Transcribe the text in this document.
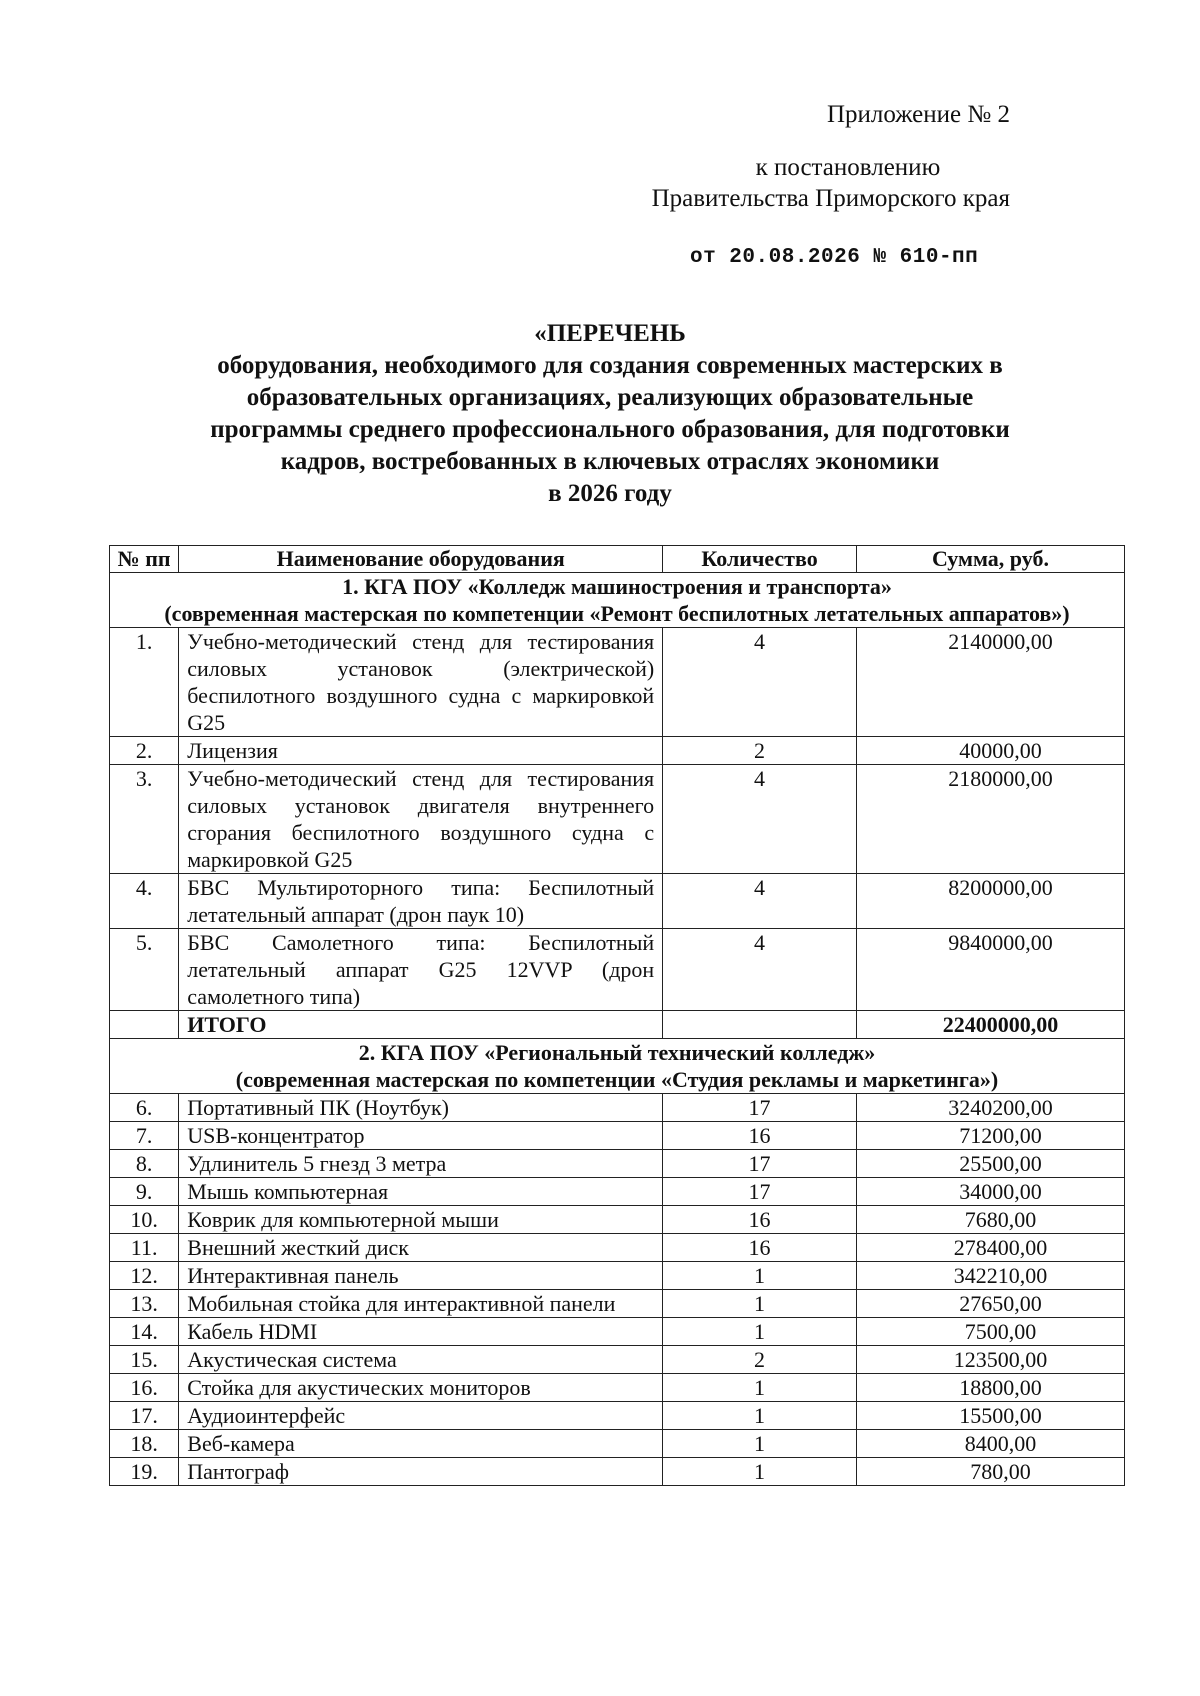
Приложение № 2
к постановлению
Правительства Приморского края
от 20.08.2026 № 610-пп
«ПЕРЕЧЕНЬ
оборудования, необходимого для создания современных мастерских в
образовательных организациях, реализующих образовательные
программы среднего профессионального образования, для подготовки
кадров, востребованных в ключевых отраслях экономики
в 2026 году
№ пп	Наименование оборудования	Количество	Сумма, руб.

1. КГА ПОУ «Колледж машиностроения и транспорта»
(современная мастерская по компетенции «Ремонт беспилотных летательных аппаратов»)			

1.	Учебно-методический стенд для тестирования силовых установок (электрической) беспилотного воздушного судна с маркировкой G25	4	2140000,00
2.	Лицензия	2	40000,00
3.	Учебно-методический стенд для тестирования силовых установок двигателя внутреннего сгорания беспилотного воздушного судна с маркировкой G25	4	2180000,00
4.	БВС Мультироторного типа: Беспилотный летательный аппарат (дрон паук 10)	4	8200000,00
5.	БВС Самолетного типа: Беспилотный летательный аппарат G25 12VVP (дрон самолетного типа)	4	9840000,00
	ИТОГО		22400000,00

2. КГА ПОУ «Региональный технический колледж»
(современная мастерская по компетенции «Студия рекламы и маркетинга»)			

6.	Портативный ПК (Ноутбук)	17	3240200,00
7.	USB-концентратор	16	71200,00
8.	Удлинитель 5 гнезд 3 метра	17	25500,00
9.	Мышь компьютерная	17	34000,00
10.	Коврик для компьютерной мыши	16	7680,00
11.	Внешний жесткий диск	16	278400,00
12.	Интерактивная панель	1	342210,00
13.	Мобильная стойка для интерактивной панели	1	27650,00
14.	Кабель HDMI	1	7500,00
15.	Акустическая система	2	123500,00
16.	Стойка для акустических мониторов	1	18800,00
17.	Аудиоинтерфейс	1	15500,00
18.	Веб-камера	1	8400,00
19.	Пантограф	1	780,00
